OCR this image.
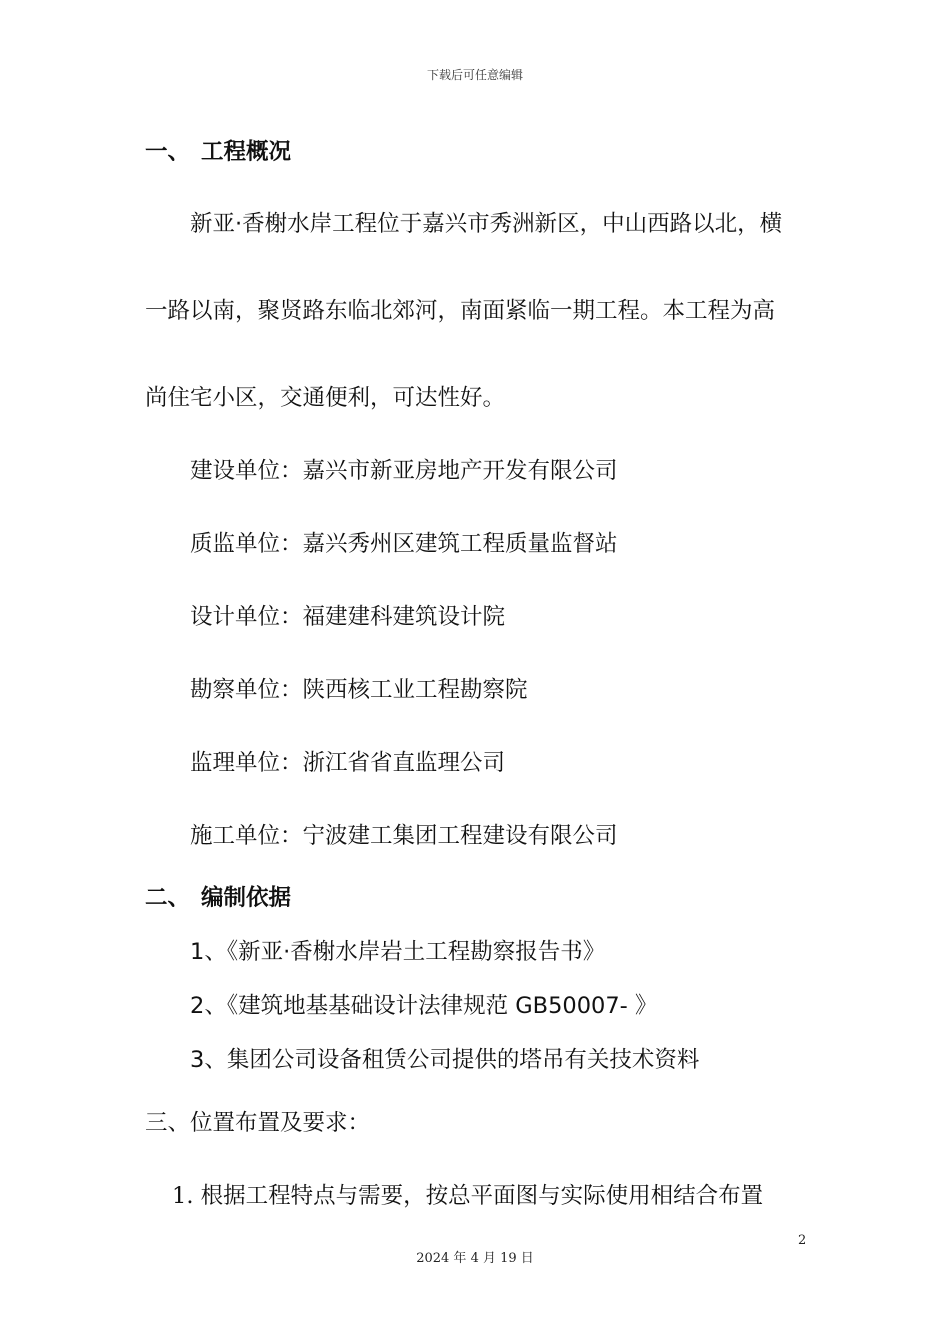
下载后可任意编辑
一、 工程概况
新亚·香榭水岸工程位于嘉兴市秀洲新区，中山西路以北，横
一路以南，聚贤路东临北郊河，南面紧临一期工程。本工程为高
尚住宅小区，交通便利，可达性好。
建设单位：嘉兴市新亚房地产开发有限公司
质监单位：嘉兴秀州区建筑工程质量监督站
设计单位：福建建科建筑设计院
勘察单位：陕西核工业工程勘察院
监理单位：浙江省省直监理公司
施工单位：宁波建工集团工程建设有限公司
二、 编制依据
1、《新亚·香榭水岸岩土工程勘察报告书》
2、《建筑地基基础设计法律规范 GB50007- 》
3、集团公司设备租赁公司提供的塔吊有关技术资料
三、位置布置及要求：
1. 根据工程特点与需要，按总平面图与实际使用相结合布置
2
2024 年 4 月 19 日
